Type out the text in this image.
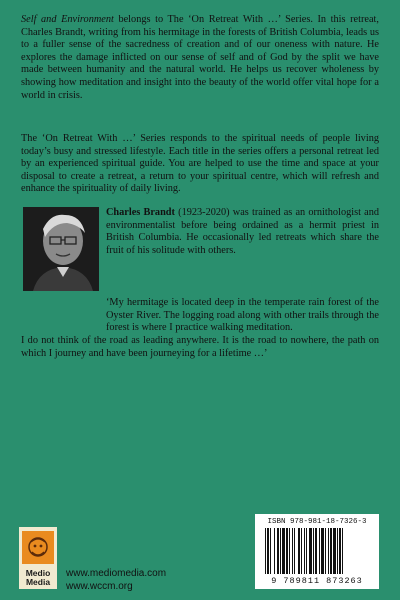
Self and Environment belongs to The ‘On Retreat With …’ Series. In this retreat, Charles Brandt, writing from his hermitage in the forests of British Columbia, leads us to a fuller sense of the sacredness of creation and of our oneness with nature. He explores the damage inflicted on our sense of self and of God by the split we have made between humanity and the natural world. He helps us recover wholeness by showing how meditation and insight into the beauty of the world offer vital hope for a world in crisis.

The ‘On Retreat With …’ Series responds to the spiritual needs of people living today’s busy and stressed lifestyle. Each title in the series offers a personal retreat led by an experienced spiritual guide. You are helped to use the time and space at your disposal to create a retreat, a return to your spiritual centre, which will refresh and enhance the spirituality of daily living.

Charles Brandt (1923-2020) was trained as an ornithologist and environmentalist before being ordained as a hermit priest in British Columbia. He occasionally led retreats which share the fruit of his solitude with others.

‘My hermitage is located deep in the temperate rain forest of the Oyster River. The logging road along with other trails through the forest is where I practice walking meditation.

I do not think of the road as leading anywhere. It is the road to nowhere, the path on which I journey and have been journeying for a lifetime …’

Medio
Media
www.mediomedia.com
www.wccm.org
ISBN 978-981-18-7326-3
9 789811 873263
